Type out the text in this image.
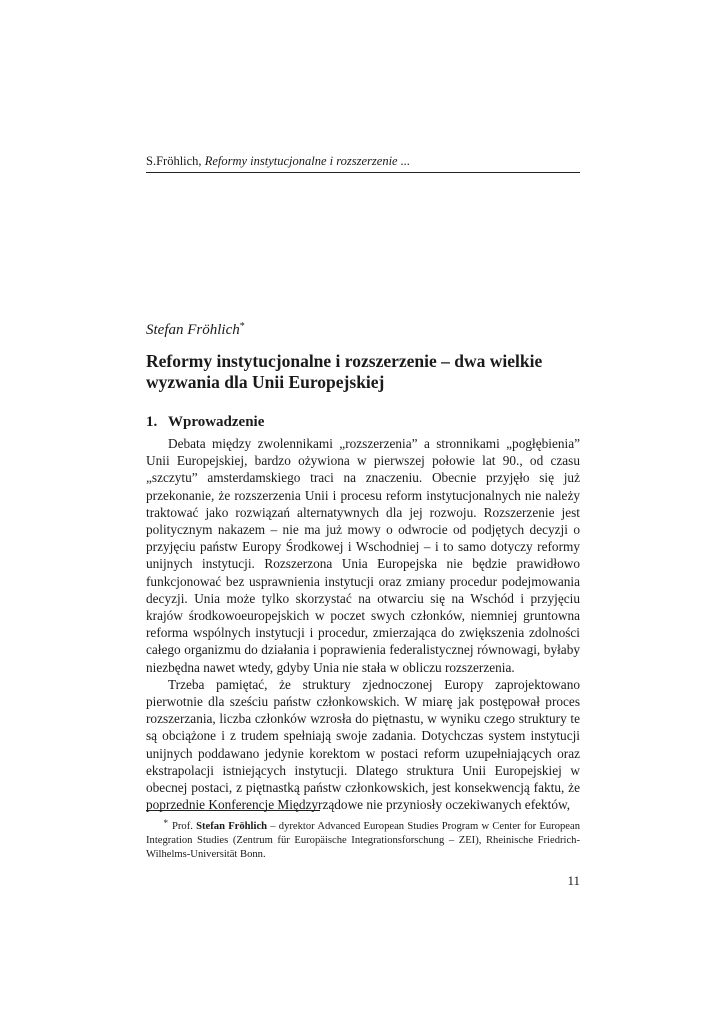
S.Fröhlich, Reformy instytucjonalne i rozszerzenie ...
Stefan Fröhlich*
Reformy instytucjonalne i rozszerzenie – dwa wielkie wyzwania dla Unii Europejskiej
1. Wprowadzenie

Debata między zwolennikami „rozszerzenia” a stronnikami „pogłębienia” Unii Europejskiej, bardzo ożywiona w pierwszej połowie lat 90., od czasu „szczytu” amsterdamskiego traci na znaczeniu. Obecnie przyjęło się już przekonanie, że rozszerzenia Unii i procesu reform instytucjonalnych nie należy traktować jako rozwiązań alternatywnych dla jej rozwoju. Rozszerzenie jest politycznym nakazem – nie ma już mowy o odwrocie od podjętych decyzji o przyjęciu państw Europy Środkowej i Wschodniej – i to samo dotyczy reformy unijnych instytucji. Rozszerzona Unia Europejska nie będzie prawidłowo funkcjonować bez usprawnienia instytucji oraz zmiany procedur podejmowania decyzji. Unia może tylko skorzystać na otwarciu się na Wschód i przyjęciu krajów środkowoeuropejskich w poczet swych członków, niemniej gruntowna reforma wspólnych instytucji i procedur, zmierzająca do zwiększenia zdolności całego organizmu do działania i poprawienia federalistycznej równowagi, byłaby niezbędna nawet wtedy, gdyby Unia nie stała w obliczu rozszerzenia.

Trzeba pamiętać, że struktury zjednoczonej Europy zaprojektowano pierwotnie dla sześciu państw członkowskich. W miarę jak postępował proces rozszerzania, liczba członków wzrosła do piętnastu, w wyniku czego struktury te są obciążone i z trudem spełniają swoje zadania. Dotychczas system instytucji unijnych poddawano jedynie korektom w postaci reform uzupełniających oraz ekstrapolacji istniejących instytucji. Dlatego struktura Unii Europejskiej w obecnej postaci, z piętnastką państw członkowskich, jest konsekwencją faktu, że poprzednie Konferencje Międzyrządowe nie przyniosły oczekiwanych efektów,

* Prof. Stefan Fröhlich – dyrektor Advanced European Studies Program w Center for European Integration Studies (Zentrum für Europäische Integrationsforschung – ZEI), Rheinische Friedrich-Wilhelms-Universität Bonn.
11
